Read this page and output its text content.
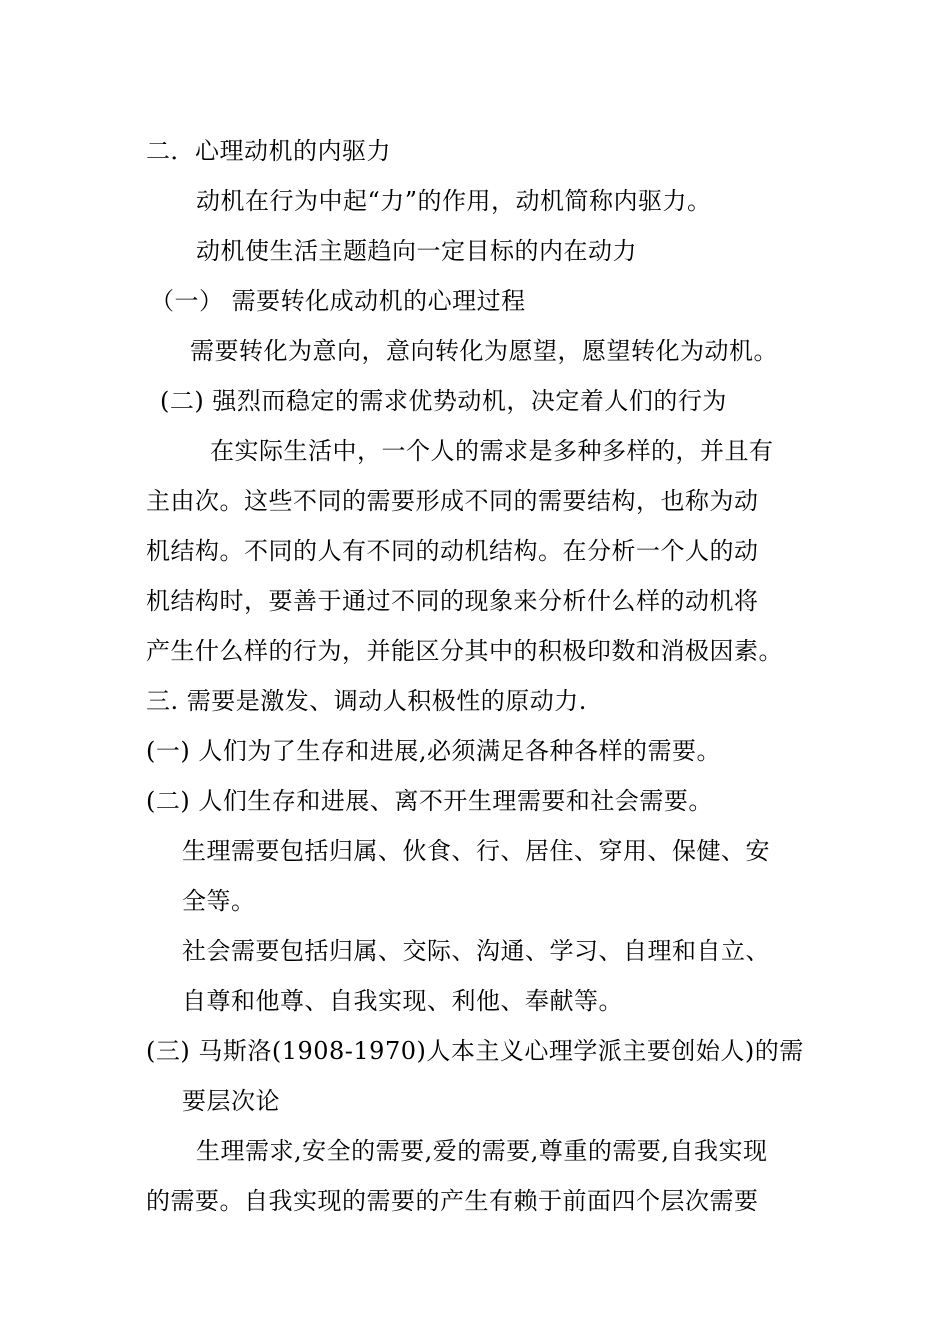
二．心理动机的内驱力
动机在行为中起“力”的作用，动机简称内驱力。
动机使生活主题趋向一定目标的内在动力
（一） 需要转化成动机的心理过程
需要转化为意向，意向转化为愿望，愿望转化为动机。
(二) 强烈而稳定的需求优势动机，决定着人们的行为
在实际生活中，一个人的需求是多种多样的，并且有
主由次。这些不同的需要形成不同的需要结构，也称为动
机结构。不同的人有不同的动机结构。在分析一个人的动
机结构时，要善于通过不同的现象来分析什么样的动机将
产生什么样的行为，并能区分其中的积极印数和消极因素。
三. 需要是激发、调动人积极性的原动力.
(一) 人们为了生存和进展,必须满足各种各样的需要。
(二) 人们生存和进展、离不开生理需要和社会需要。
生理需要包括归属、伙食、行、居住、穿用、保健、安
全等。
社会需要包括归属、交际、沟通、学习、自理和自立、
自尊和他尊、自我实现、利他、奉献等。
(三) 马斯洛(1908-1970)人本主义心理学派主要创始人)的需
要层次论
生理需求,安全的需要,爱的需要,尊重的需要,自我实现
的需要。自我实现的需要的产生有赖于前面四个层次需要
